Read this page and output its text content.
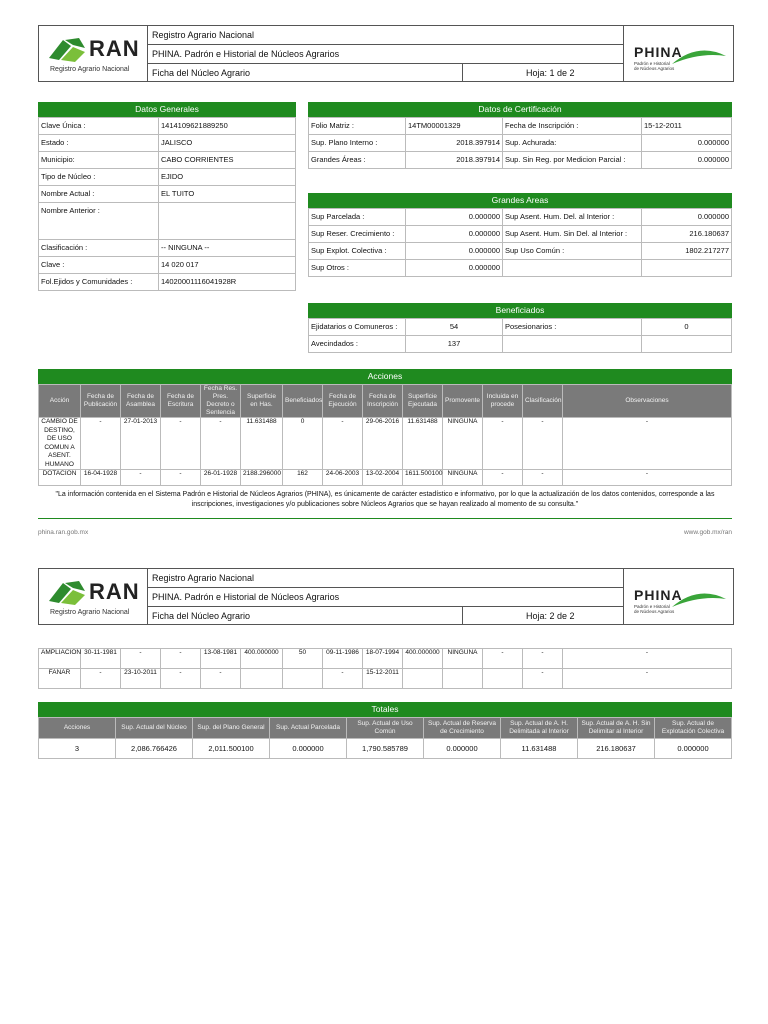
RAN
Registro Agrario Nacional
Registro Agrario Nacional
PHINA. Padrón e Historial de Núcleos Agrarios
Ficha del Núcleo Agrario	Hoja: 1 de 2
PHINA
Padrón e Historial
de Núcleos Agrarios
Datos Generales
Clave Única :	1414109621889250
Estado :	JALISCO
Municipio:	CABO CORRIENTES
Tipo de Núcleo :	EJIDO
Nombre Actual :	EL TUITO
Nombre Anterior :	
Clasificación :	-- NINGUNA --
Clave :	14 020 017
Fol.Ejidos y Comunidades :	14020001116041928R
Datos de Certificación
Folio Matriz :	14TM00001329	Fecha de Inscripción :	15-12-2011
Sup. Plano Interno :	2018.397914	Sup. Achurada:	0.000000
Grandes Áreas :	2018.397914	Sup. Sin Reg. por Medicion Parcial :	0.000000
Grandes Areas
Sup Parcelada :	0.000000	Sup Asent. Hum. Del. al Interior :	0.000000
Sup Reser. Crecimiento :	0.000000	Sup Asent. Hum. Sin Del. al Interior :	216.180637
Sup Explot. Colectiva :	0.000000	Sup Uso Común :	1802.217277
Sup Otros :	0.000000		
Beneficiados
Ejidatarios o Comuneros :	54	Posesionarios :	0
Avecindados :	137		
Acciones
Acción	Fecha de Publicación	Fecha de Asamblea	Fecha de Escritura	Fecha Res. Pres. Decreto o Sentencia	Superficie en Has.	Beneficiados	Fecha de Ejecución	Fecha de Inscripción	Superficie Ejecutada	Promovente	Incluida en procede	Clasificación	Observaciones
CAMBIO DE DESTINO, DE USO COMUN A ASENT. HUMANO	-	27-01-2013	-	-	11.631488	0	-	29-06-2016	11.631488	NINGUNA	-	-	-
DOTACION	16-04-1928	-	-	26-01-1928	2188.296000	162	24-06-2003	13-02-2004	1611.500100	NINGUNA	-	-	-
"La información contenida en el Sistema Padrón e Historial de Núcleos Agrarios (PHINA), es únicamente de carácter estadístico e informativo, por lo que la actualización de los datos contenidos, corresponde a las inscripciones, investigaciones y/o publicaciones sobre Núcleos Agrarios que se hayan realizado al momento de su consulta."
phina.ran.gob.mx	www.gob.mx/ran
RAN
Registro Agrario Nacional
Registro Agrario Nacional
PHINA. Padrón e Historial de Núcleos Agrarios
Ficha del Núcleo Agrario	Hoja: 2 de 2
PHINA
Padrón e Historial
de Núcleos Agrarios
AMPLIACION	30-11-1981	-	-	13-08-1981	400.000000	50	09-11-1986	18-07-1994	400.000000	NINGUNA	-	-	-
FANAR	-	23-10-2011	-	-			-	15-12-2011				-	-
Totales
Acciones	Sup. Actual del Núcleo	Sup. del Plano General	Sup. Actual Parcelada	Sup. Actual de Uso Común	Sup. Actual de Reserva de Crecimiento	Sup. Actual de A. H. Delimitada al Interior	Sup. Actual de A. H. Sin Delimitar al Interior	Sup. Actual de Explotación Colectiva
3	2,086.766426	2,011.500100	0.000000	1,790.585789	0.000000	11.631488	216.180637	0.000000
